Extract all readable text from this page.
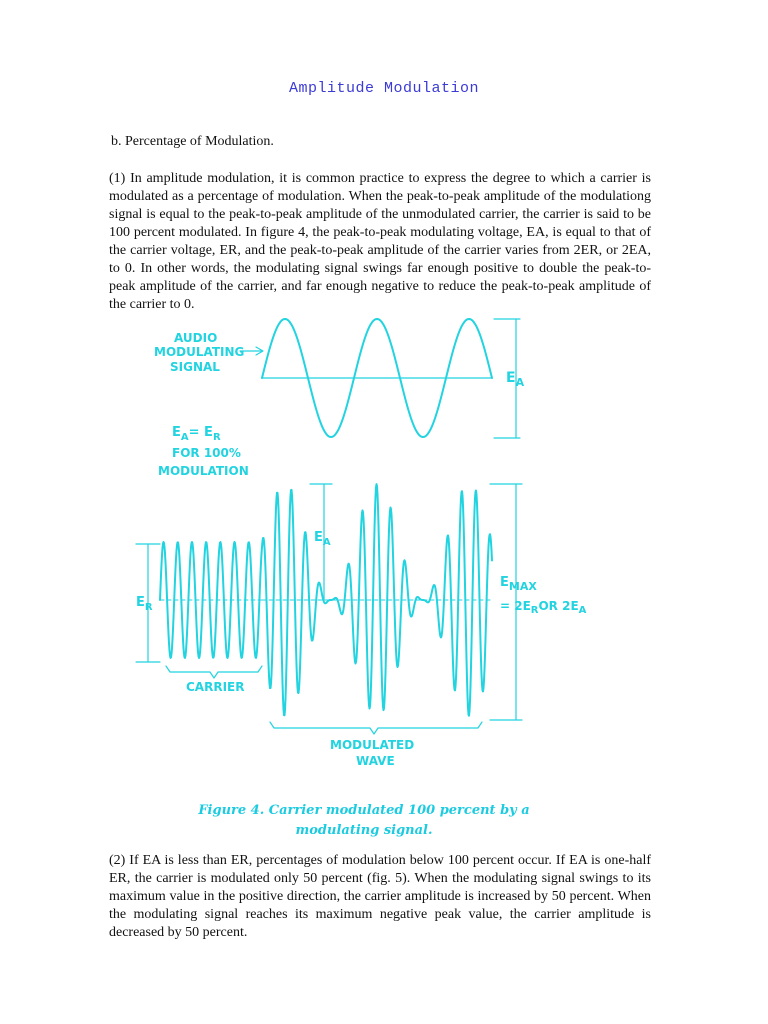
Amplitude Modulation
b. Percentage of Modulation.

(1) In amplitude modulation, it is common practice to express the degree to which a carrier is modulated as a percentage of modulation. When the peak-to-peak amplitude of the modulationg signal is equal to the peak-to-peak amplitude of the unmodulated carrier, the carrier is said to be 100 percent modulated. In figure 4, the peak-to-peak modulating voltage, EA, is equal to that of the carrier voltage, ER, and the peak-to-peak amplitude of the carrier varies from 2ER, or 2EA, to 0. In other words, the modulating signal swings far enough positive to double the peak-to-peak amplitude of the carrier, and far enough negative to reduce the peak-to-peak amplitude of the carrier to 0.

AUDIO
MODULATING
SIGNAL
$E_A$
$E_A= E_R$
FOR 100%
MODULATION
$E_A$
$E_R$
$E_{MAX}$
= $2E_ROR$ $2E_A$
CARRIER
MODULATED
WAVE
Figure 4. Carrier modulated 100 percent by a
modulating signal.

(2) If EA is less than ER, percentages of modulation below 100 percent occur. If EA is one-half ER, the carrier is modulated only 50 percent (fig. 5). When the modulating signal swings to its maximum value in the positive direction, the carrier amplitude is increased by 50 percent. When the modulating signal reaches its maximum negative peak value, the carrier amplitude is decreased by 50 percent.
